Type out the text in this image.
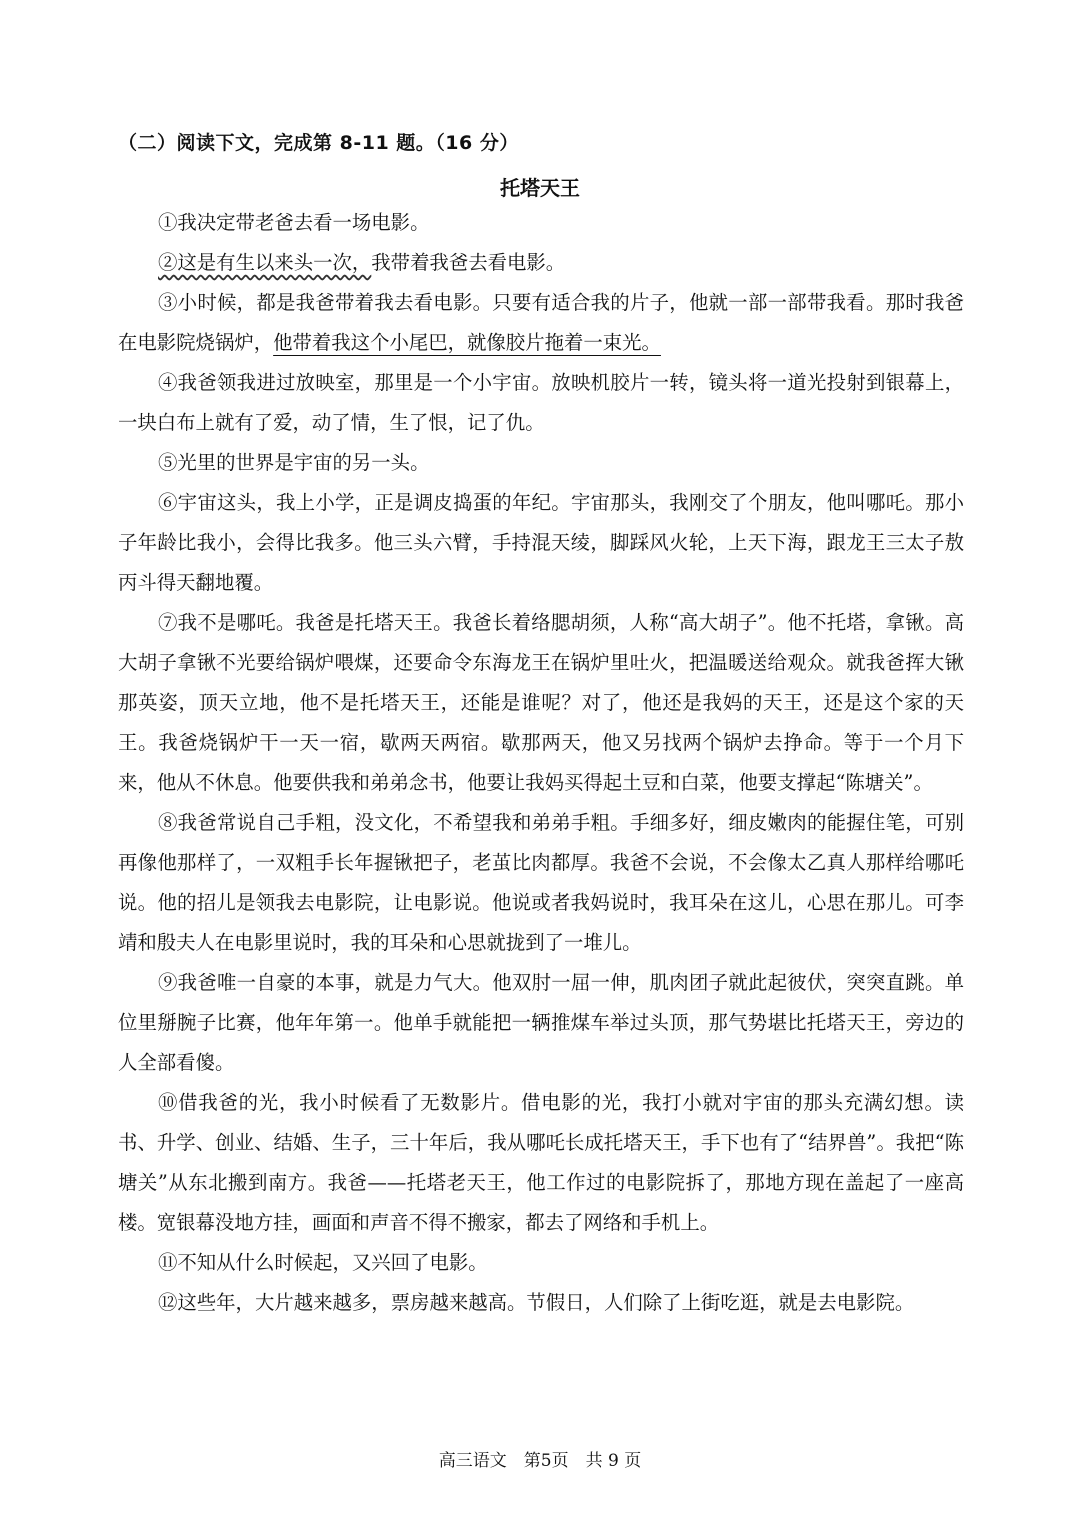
（二）阅读下文，完成第 8-11 题。（16 分）
托塔天王

①我决定带老爸去看一场电影。

②这是有生以来头一次，我带着我爸去看电影。

③小时候，都是我爸带着我去看电影。只要有适合我的片子，他就一部一部带我看。那时我爸在电影院烧锅炉，他带着我这个小尾巴，就像胶片拖着一束光。

④我爸领我进过放映室，那里是一个小宇宙。放映机胶片一转，镜头将一道光投射到银幕上，一块白布上就有了爱，动了情，生了恨，记了仇。

⑤光里的世界是宇宙的另一头。

⑥宇宙这头，我上小学，正是调皮捣蛋的年纪。宇宙那头，我刚交了个朋友，他叫哪吒。那小子年龄比我小，会得比我多。他三头六臂，手持混天绫，脚踩风火轮，上天下海，跟龙王三太子敖丙斗得天翻地覆。

⑦我不是哪吒。我爸是托塔天王。我爸长着络腮胡须，人称“高大胡子”。他不托塔，拿锹。高大胡子拿锹不光要给锅炉喂煤，还要命令东海龙王在锅炉里吐火，把温暖送给观众。就我爸挥大锹那英姿，顶天立地，他不是托塔天王，还能是谁呢？对了，他还是我妈的天王，还是这个家的天王。我爸烧锅炉干一天一宿，歇两天两宿。歇那两天，他又另找两个锅炉去挣命。等于一个月下来，他从不休息。他要供我和弟弟念书，他要让我妈买得起土豆和白菜，他要支撑起“陈塘关”。

⑧我爸常说自己手粗，没文化，不希望我和弟弟手粗。手细多好，细皮嫩肉的能握住笔，可别再像他那样了，一双粗手长年握锹把子，老茧比肉都厚。我爸不会说，不会像太乙真人那样给哪吒说。他的招儿是领我去电影院，让电影说。他说或者我妈说时，我耳朵在这儿，心思在那儿。可李靖和殷夫人在电影里说时，我的耳朵和心思就拢到了一堆儿。

⑨我爸唯一自豪的本事，就是力气大。他双肘一屈一伸，肌肉团子就此起彼伏，突突直跳。单位里掰腕子比赛，他年年第一。他单手就能把一辆推煤车举过头顶，那气势堪比托塔天王，旁边的人全部看傻。

⑩借我爸的光，我小时候看了无数影片。借电影的光，我打小就对宇宙的那头充满幻想。读书、升学、创业、结婚、生子，三十年后，我从哪吒长成托塔天王，手下也有了“结界兽”。我把“陈塘关”从东北搬到南方。我爸——托塔老天王，他工作过的电影院拆了，那地方现在盖起了一座高楼。宽银幕没地方挂，画面和声音不得不搬家，都去了网络和手机上。

⑪不知从什么时候起，又兴回了电影。

⑫这些年，大片越来越多，票房越来越高。节假日，人们除了上街吃逛，就是去电影院。

高三语文　第5页　共 9 页
